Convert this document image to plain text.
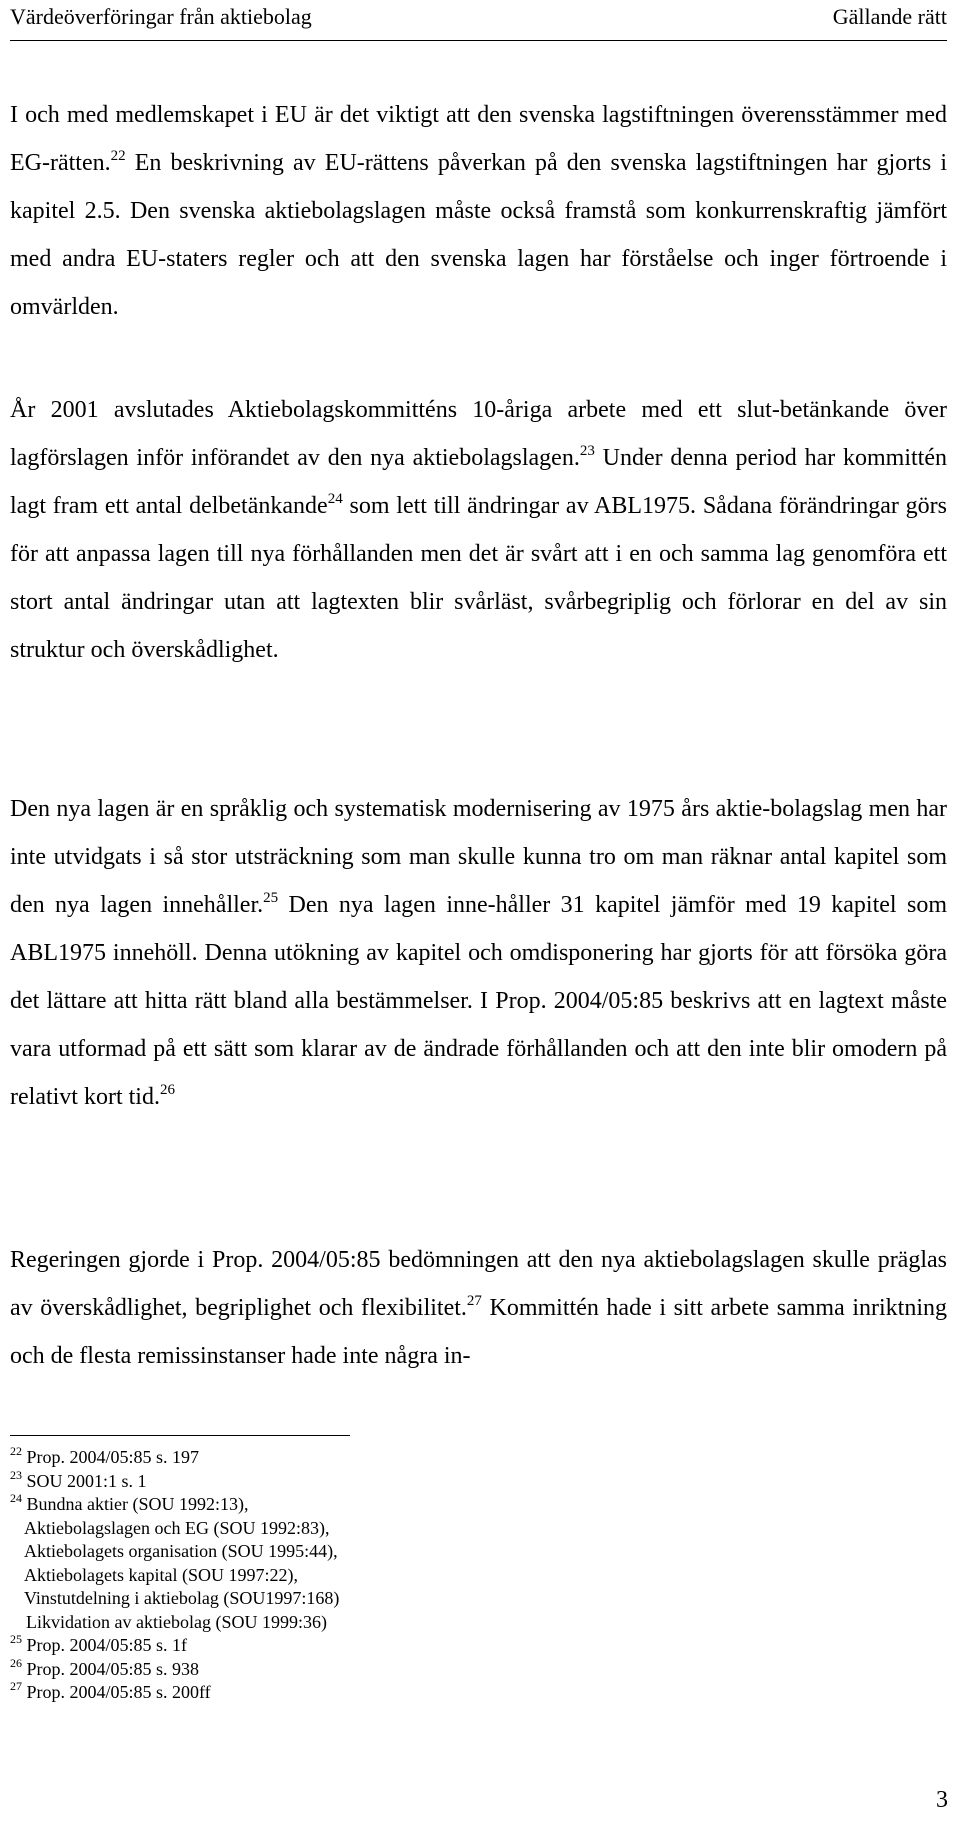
Värdeöverföringar från aktiebolag	Gällande rätt
I och med medlemskapet i EU är det viktigt att den svenska lagstiftningen överensstämmer med EG-rätten.$^{22}$ En beskrivning av EU-rättens påverkan på den svenska lagstiftningen har gjorts i kapitel 2.5. Den svenska aktiebolagslagen måste också framstå som konkurrenskraftig jämfört med andra EU-staters regler och att den svenska lagen har förståelse och inger förtroende i omvärlden.
År 2001 avslutades Aktiebolagskommitténs 10-åriga arbete med ett slut-betänkande över lagförslagen inför införandet av den nya aktiebolagslagen.$^{23}$ Under denna period har kommittén lagt fram ett antal delbetänkande$^{24}$ som lett till ändringar av ABL1975. Sådana förändringar görs för att anpassa lagen till nya förhållanden men det är svårt att i en och samma lag genomföra ett stort antal ändringar utan att lagtexten blir svårläst, svårbegriplig och förlorar en del av sin struktur och överskådlighet.
Den nya lagen är en språklig och systematisk modernisering av 1975 års aktie-bolagslag men har inte utvidgats i så stor utsträckning som man skulle kunna tro om man räknar antal kapitel som den nya lagen innehåller.$^{25}$ Den nya lagen inne-håller 31 kapitel jämför med 19 kapitel som ABL1975 innehöll. Denna utökning av kapitel och omdisponering har gjorts för att försöka göra det lättare att hitta rätt bland alla bestämmelser. I Prop. 2004/05:85 beskrivs att en lagtext måste vara utformad på ett sätt som klarar av de ändrade förhållanden och att den inte blir omodern på relativt kort tid.$^{26}$
Regeringen gjorde i Prop. 2004/05:85 bedömningen att den nya aktiebolagslagen skulle präglas av överskådlighet, begriplighet och flexibilitet.$^{27}$ Kommittén hade i sitt arbete samma inriktning och de flesta remissinstanser hade inte några in-
$^{22}$ Prop. 2004/05:85 s. 197
$^{23}$ SOU 2001:1 s. 1
$^{24}$ Bundna aktier (SOU 1992:13),
Aktiebolagslagen och EG (SOU 1992:83),
Aktiebolagets organisation (SOU 1995:44),
Aktiebolagets kapital (SOU 1997:22),
Vinstutdelning i aktiebolag (SOU1997:168)
Likvidation av aktiebolag (SOU 1999:36)
$^{25}$ Prop. 2004/05:85 s. 1f
$^{26}$ Prop. 2004/05:85 s. 938
$^{27}$ Prop. 2004/05:85 s. 200ff
3
